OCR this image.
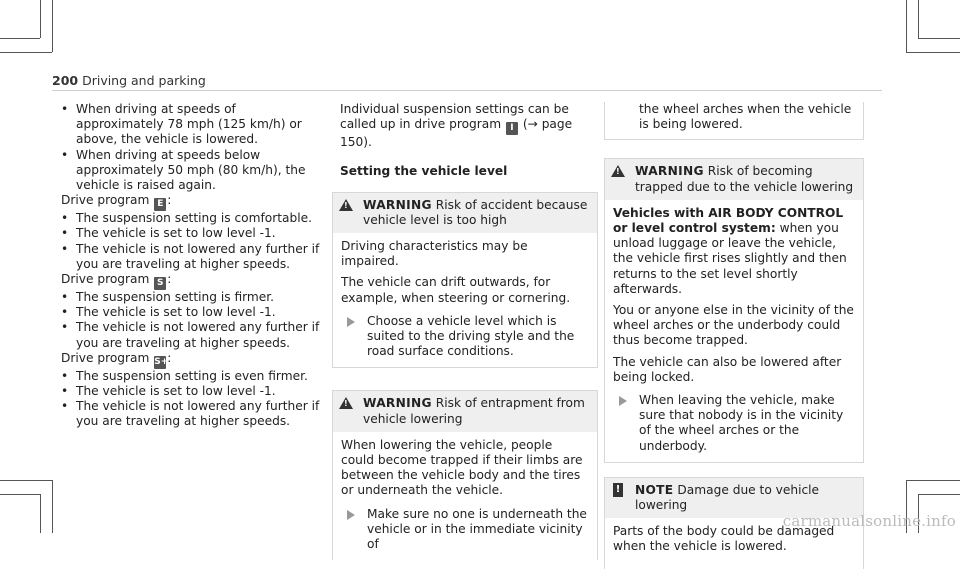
200 Driving and parking
• When driving at speeds of approximately 78 mph (125 km/h) or above, the vehicle is lowered.
• When driving at speeds below approximately 50 mph (80 km/h), the vehicle is raised again.

Drive program E :

• The suspension setting is comfortable.
• The vehicle is set to low level -1.
• The vehicle is not lowered any further if you are traveling at higher speeds.

Drive program S :

• The suspension setting is firmer.
• The vehicle is set to low level -1.
• The vehicle is not lowered any further if you are traveling at higher speeds.

Drive program S+:

• The suspension setting is even firmer.
• The vehicle is set to low level -1.
• The vehicle is not lowered any further if you are traveling at higher speeds.

Individual suspension settings can be called up in drive program I (→ page 150).

Setting the vehicle level
!
WARNING Risk of accident because vehicle level is too high

Driving characteristics may be impaired.

The vehicle can drift outwards, for example, when steering or cornering.

Choose a vehicle level which is suited to the driving style and the road surface conditions.
!
WARNING Risk of entrapment from vehicle lowering

When lowering the vehicle, people could become trapped if their limbs are between the vehicle body and the tires or underneath the vehicle.

Make sure no one is underneath the vehicle or in the immediate vicinity of
the wheel arches when the vehicle is being lowered.
!
WARNING Risk of becoming trapped due to the vehicle lowering

Vehicles with AIR BODY CONTROL or level control system: when you unload luggage or leave the vehicle, the vehicle first rises slightly and then returns to the set level shortly afterwards.

You or anyone else in the vicinity of the wheel arches or the underbody could thus become trapped.

The vehicle can also be lowered after being locked.

When leaving the vehicle, make sure that nobody is in the vicinity of the wheel arches or the underbody.
! NOTE Damage due to vehicle lowering

Parts of the body could be damaged when the vehicle is lowered.

carmanualsonline.info
